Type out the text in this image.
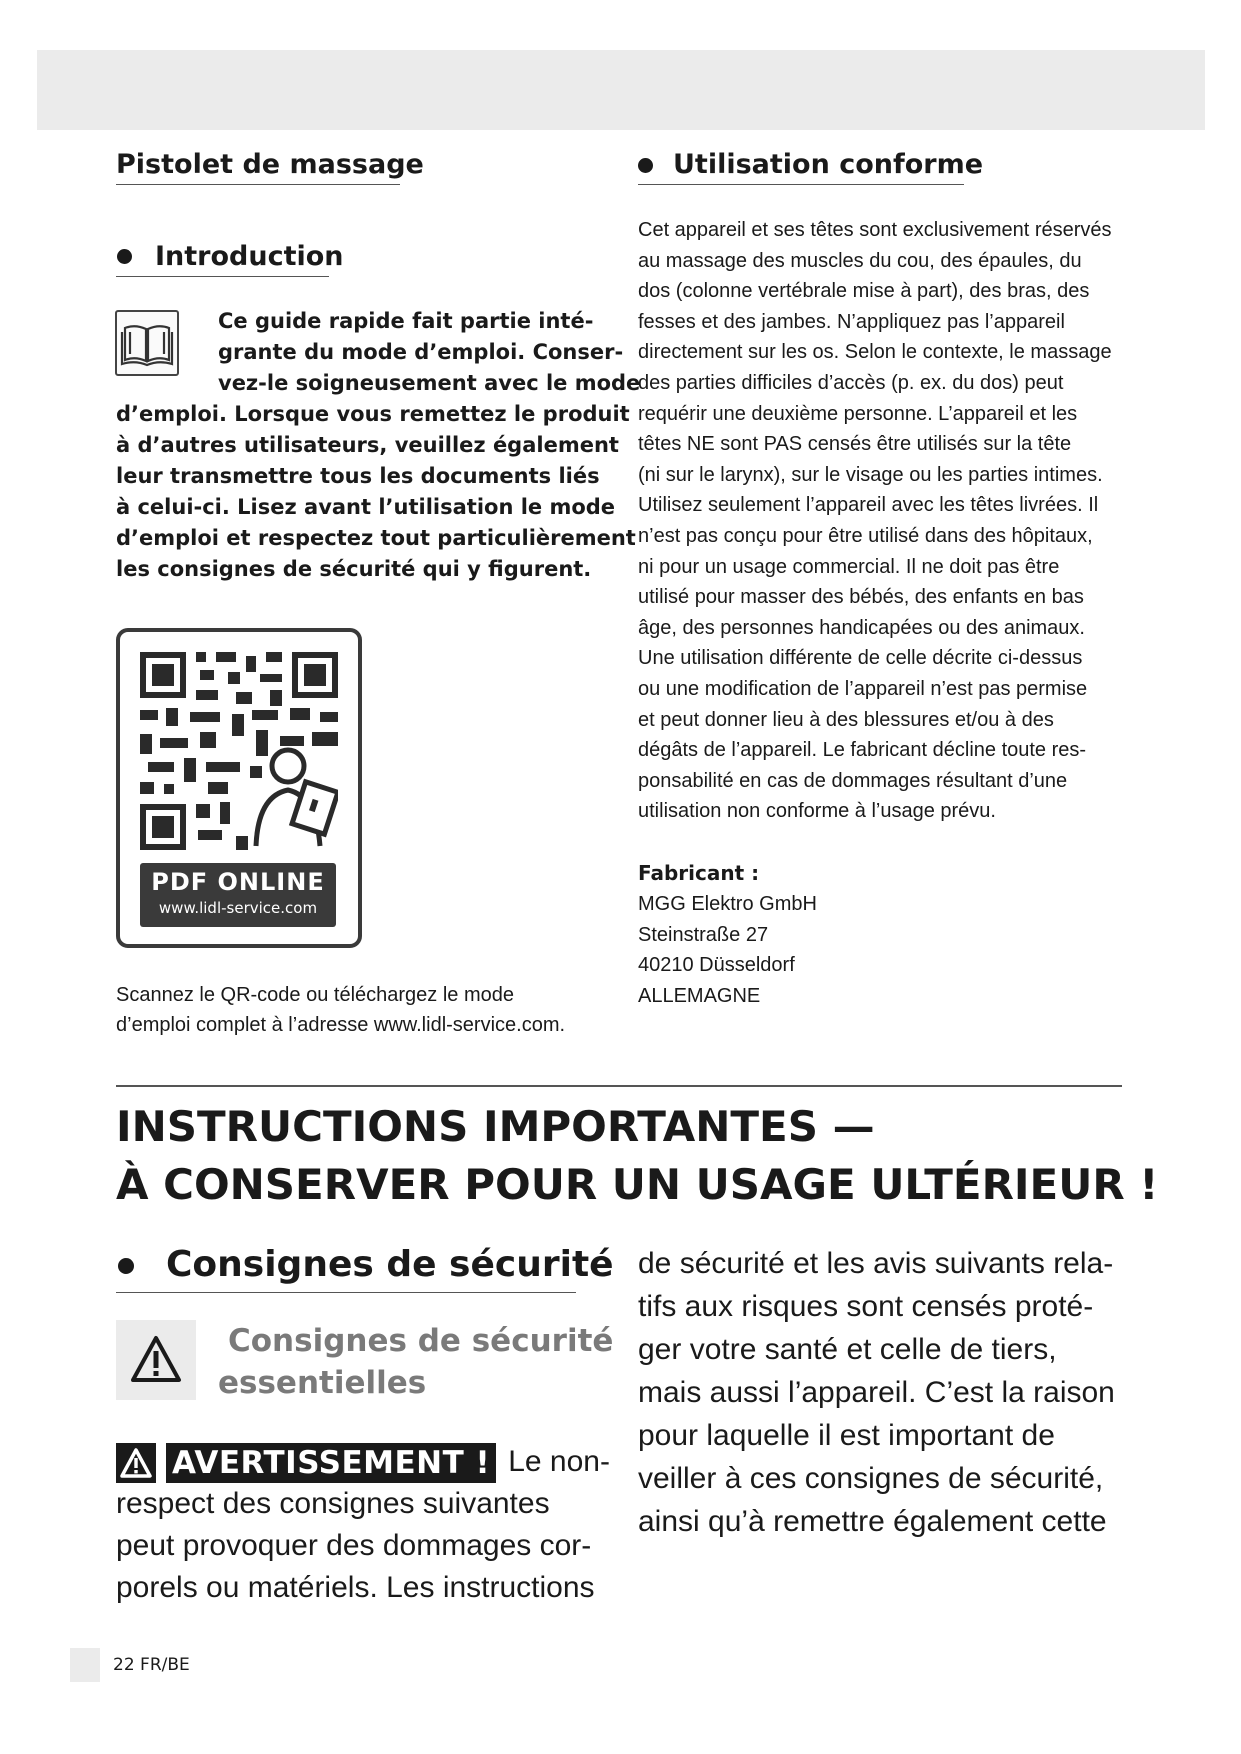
Pistolet de massage
Introduction
Ce guide rapide fait partie inté-
grante du mode d’emploi. Conser-
vez-le soigneusement avec le mode
d’emploi. Lorsque vous remettez le produit
à d’autres utilisateurs, veuillez également
leur transmettre tous les documents liés
à celui-ci. Lisez avant l’utilisation le mode
d’emploi et respectez tout particulièrement
les consignes de sécurité qui y figurent.
PDF ONLINE
www.lidl-service.com
Scannez le QR-code ou téléchargez le mode
d’emploi complet à l’adresse www.lidl-service.com.
Utilisation conforme
Cet appareil et ses têtes sont exclusivement réservés
au massage des muscles du cou, des épaules, du
dos (colonne vertébrale mise à part), des bras, des
fesses et des jambes. N’appliquez pas l’appareil
directement sur les os. Selon le contexte, le massage
des parties difficiles d’accès (p. ex. du dos) peut
requérir une deuxième personne. L’appareil et les
têtes NE sont PAS censés être utilisés sur la tête
(ni sur le larynx), sur le visage ou les parties intimes.
Utilisez seulement l’appareil avec les têtes livrées. Il
n’est pas conçu pour être utilisé dans des hôpitaux,
ni pour un usage commercial. Il ne doit pas être
utilisé pour masser des bébés, des enfants en bas
âge, des personnes handicapées ou des animaux.
Une utilisation différente de celle décrite ci-dessus
ou une modification de l’appareil n’est pas permise
et peut donner lieu à des blessures et/ou à des
dégâts de l’appareil. Le fabricant décline toute res-
ponsabilité en cas de dommages résultant d’une
utilisation non conforme à l’usage prévu.
Fabricant :
MGG Elektro GmbH
Steinstraße 27
40210 Düsseldorf
ALLEMAGNE
INSTRUCTIONS IMPORTANTES —
À CONSERVER POUR UN USAGE ULTÉRIEUR !
Consignes de sécurité
Consignes de sécurité
essentielles
AVERTISSEMENT ! Le non-
respect des consignes suivantes
peut provoquer des dommages cor-
porels ou matériels. Les instructions
de sécurité et les avis suivants rela-
tifs aux risques sont censés proté-
ger votre santé et celle de tiers,
mais aussi l’appareil. C’est la raison
pour laquelle il est important de
veiller à ces consignes de sécurité,
ainsi qu’à remettre également cette
22 FR/BE
